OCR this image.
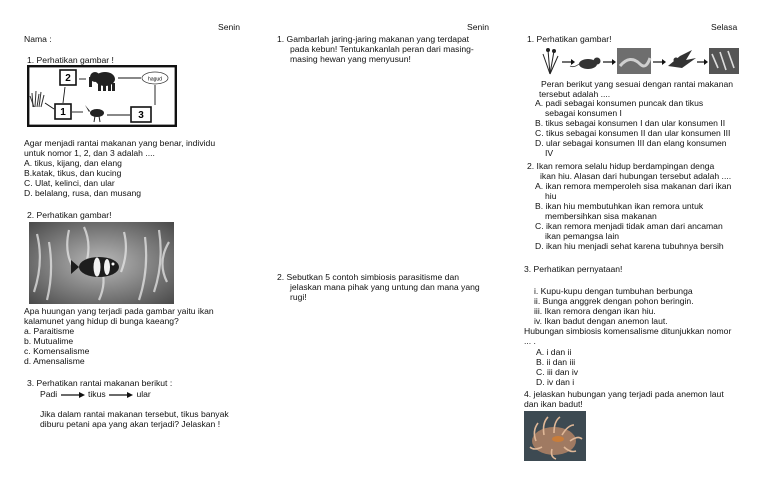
Senin
Nama :
1. Perhatikan gambar !
2
1	3
hagud
Agar menjadi rantai makanan yang benar, individu
untuk nomor 1, 2, dan 3 adalah ....
A. tikus, kijang, dan elang
B.katak, tikus, dan kucing
C. Ulat, kelinci, dan ular
D. belalang, rusa, dan musang
2. Perhatikan gambar!
Apa huungan yang terjadi pada gambar yaitu ikan
kalamunet yang hidup di bunga kaeang?
a. Paraitisme
b. Mutualime
c. Komensalisme
d. Amensalisme
3. Perhatikan rantai makanan berikut :
Padi	tikus	ular
Jika dalam rantai makanan tersebut, tikus banyak
diburu petani apa yang akan terjadi? Jelaskan !
Senin
1. Gambarlah jaring-jaring makanan yang terdapat
pada kebun! Tentukankanlah peran dari masing-
masing hewan yang menyusun!
2. Sebutkan 5 contoh simbiosis parasitisme dan
jelaskan mana pihak yang untung dan mana yang
rugi!
Selasa
1. Perhatikan gambar!
Peran berikut yang sesuai dengan rantai makanan
tersebut adalah ....
A. padi sebagai konsumen puncak dan tikus
sebagai konsumen I
B. tikus sebagai konsumen I dan ular konsumen II
C. tikus sebagai konsumen II dan ular konsumen III
D. ular sebagai konsumen III dan elang konsumen
IV
2. Ikan remora selalu hidup berdampingan denga
ikan hiu. Alasan dari hubungan tersebut adalah ....
A. ikan remora memperoleh sisa makanan dari ikan
hiu
B. ikan hiu membutuhkan ikan remora untuk
membersihkan sisa makanan
C. ikan remora menjadi tidak aman dari ancaman
ikan pemangsa lain
D. ikan hiu menjadi sehat karena tubuhnya bersih
3. Perhatikan pernyataan!
i. Kupu-kupu dengan tumbuhan berbunga
ii. Bunga anggrek dengan pohon beringin.
iii. Ikan remora dengan ikan hiu.
iv. Ikan badut dengan anemon laut.
Hubungan simbiosis komensalisme ditunjukkan nomor
... .
A. i dan ii
B. ii dan iii
C. iii dan iv
D. iv dan i
4. jelaskan hubungan yang terjadi pada anemon laut
dan ikan badut!
